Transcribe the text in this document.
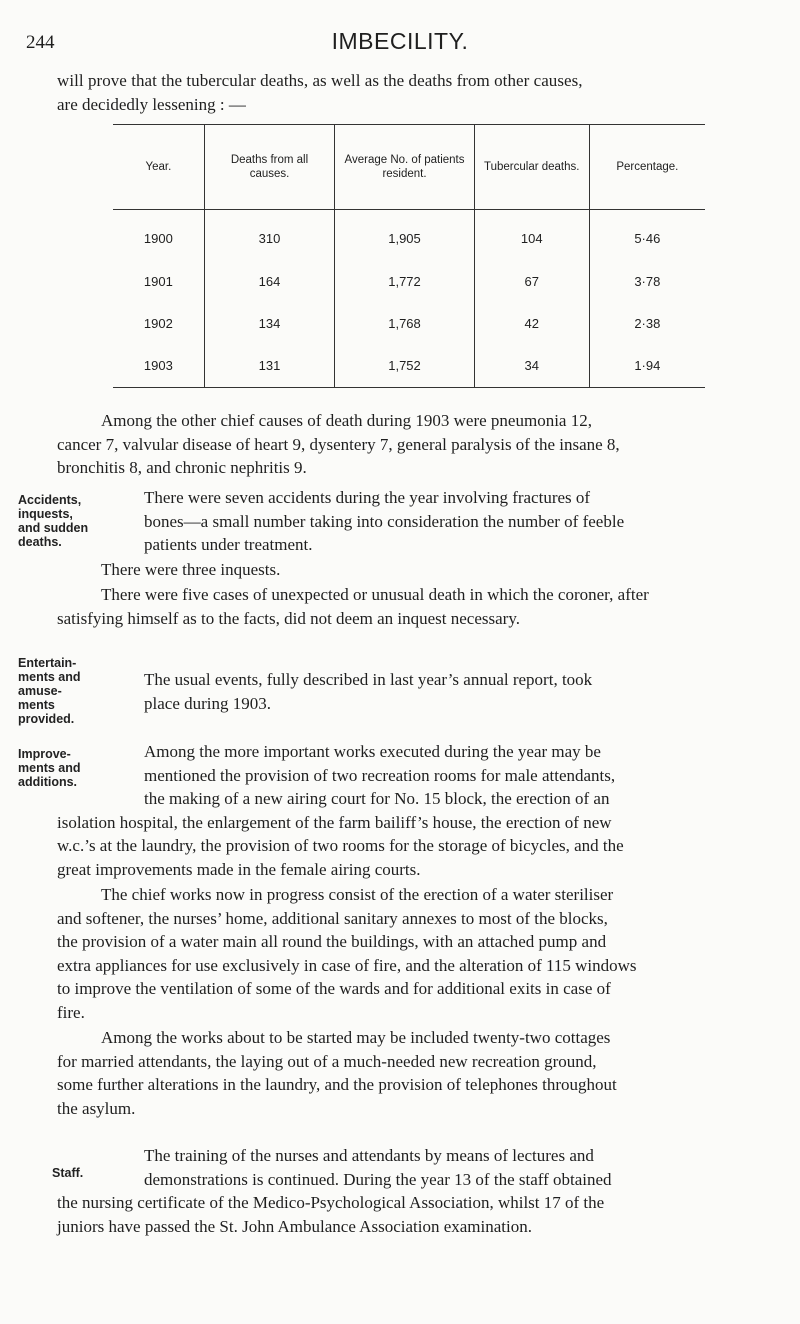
244	IMBECILITY.

will prove that the tubercular deaths, as well as the deaths from other causes,
are decidedly lessening : —

Year.	Deaths from all causes.	Average No. of patients resident.	Tubercular deaths.	Percentage.
1900	310	1,905	104	5·46
1901	164	1,772	67	3·78
1902	134	1,768	42	2·38
1903	131	1,752	34	1·94

Among the other chief causes of death during 1903 were pneumonia 12,
cancer 7, valvular disease of heart 9, dysentery 7, general paralysis of the insane 8,
bronchitis 8, and chronic nephritis 9.

Accidents,
inquests,
and sudden
deaths.

There were seven accidents during the year involving fractures of
bones—a small number taking into consideration the number of feeble
patients under treatment.

There were three inquests.

There were five cases of unexpected or unusual death in which the coroner, after
satisfying himself as to the facts, did not deem an inquest necessary.

Entertain-
ments and
amuse-
ments
provided.

The usual events, fully described in last year’s annual report, took
place during 1903.

Improve-
ments and
additions.

Among the more important works executed during the year may be
mentioned the provision of two recreation rooms for male attendants,
the making of a new airing court for No. 15 block, the erection of an
isolation hospital, the enlargement of the farm bailiff’s house, the erection of new
w.c.’s at the laundry, the provision of two rooms for the storage of bicycles, and the
great improvements made in the female airing courts.

The chief works now in progress consist of the erection of a water steriliser
and softener, the nurses’ home, additional sanitary annexes to most of the blocks,
the provision of a water main all round the buildings, with an attached pump and
extra appliances for use exclusively in case of fire, and the alteration of 115 windows
to improve the ventilation of some of the wards and for additional exits in case of
fire.

Among the works about to be started may be included twenty-two cottages
for married attendants, the laying out of a much-needed new recreation ground,
some further alterations in the laundry, and the provision of telephones throughout
the asylum.

Staff.

The training of the nurses and attendants by means of lectures and
demonstrations is continued. During the year 13 of the staff obtained
the nursing certificate of the Medico-Psychological Association, whilst 17 of the
juniors have passed the St. John Ambulance Association examination.
